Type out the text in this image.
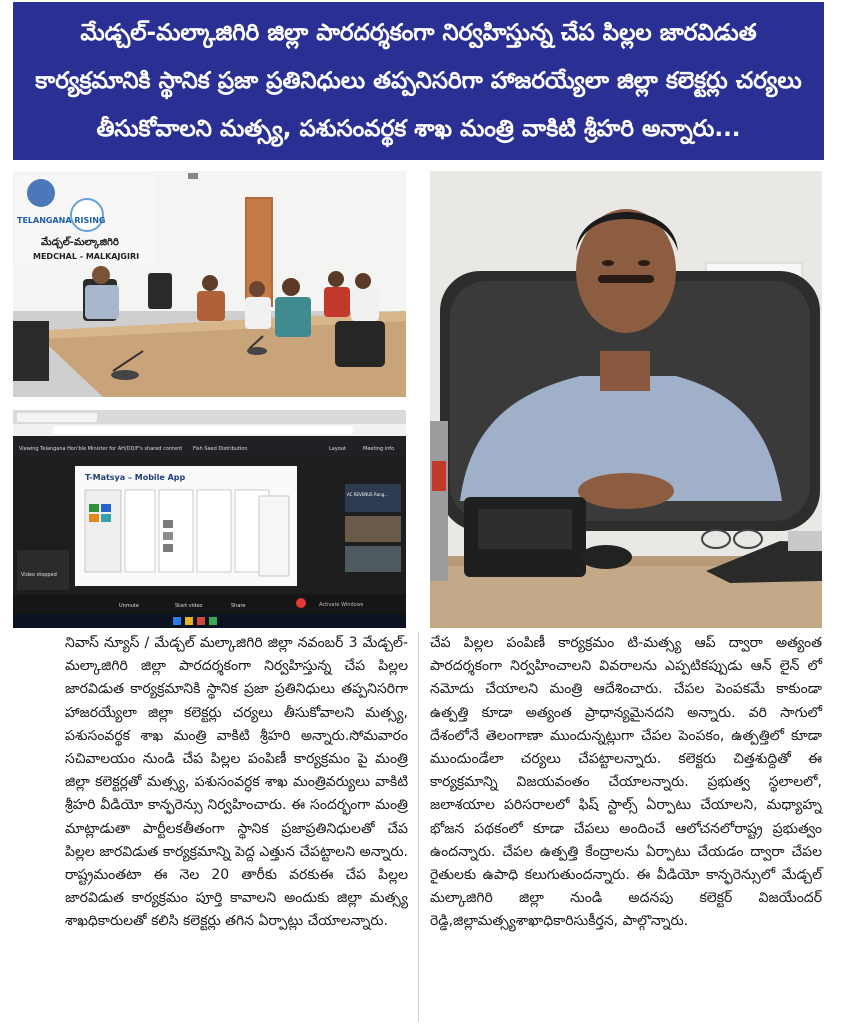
మేడ్చల్-మల్కాజిగిరి జిల్లా పారదర్శకంగా నిర్వహిస్తున్న చేప పిల్లల జారవిడుత
కార్యక్రమానికి స్థానిక ప్రజా ప్రతినిధులు తప్పనిసరిగా హాజరయ్యేలా జిల్లా కలెక్టర్లు చర్యలు
తీసుకోవాలని మత్స్య, పశుసంవర్థక శాఖ మంత్రి వాకిటి శ్రీహరి అన్నారు...
TELANGANA RISING
మేడ్చల్-మల్కాజిగిరి
MEDCHAL - MALKAJGIRI
Viewing Telangana Hon'ble Minister for AH/DD/F's shared content Fish Seed Distribution	Layout	Meeting info
T-Matsya – Mobile App
AC REVENUE Rang...
Video stopped
Unmute	Start video	Share	Activate Windows

నివాస్ న్యూస్ / మేడ్చల్ మల్కాజిగిరి జిల్లా నవంబర్ 3 మేడ్చల్-మల్కాజిగిరి జిల్లా పారదర్శకంగా నిర్వహిస్తున్న చేప పిల్లల జారవిడుత కార్యక్రమానికి స్థానిక ప్రజా ప్రతినిధులు తప్పనిసరిగా హాజరయ్యేలా జిల్లా కలెక్టర్లు చర్యలు తీసుకోవాలని మత్స్య, పశుసంవర్థక శాఖ మంత్రి వాకిటి శ్రీహరి అన్నారు.సోమవారం సచివాలయం నుండి చేప పిల్లల పంపిణీ కార్యక్రమం పై మంత్రి జిల్లా కలెక్టర్లతో మత్స్య, పశుసంవర్ధక శాఖ మంత్రివర్యులు వాకిటి శ్రీహరి వీడియో కాన్ఫరెన్సు నిర్వహించారు. ఈ సందర్భంగా మంత్రి మాట్లాడుతా పార్టీలకతీతంగా స్థానిక ప్రజాప్రతినిధులతో చేప పిల్లల జారవిడుత కార్యక్రమాన్ని పెద్ద ఎత్తున చేపట్టాలని అన్నారు. రాష్ట్రమంతటా ఈ నెల 20 తారీకు వరకుఈ చేప పిల్లల జారవిడుత కార్యక్రమం పూర్తి కావాలని అందుకు జిల్లా మత్స్య శాఖధికారులతో కలిసి కలెక్టర్లు తగిన ఏర్పాట్లు చేయాలన్నారు.

చేప పిల్లల పంపిణీ కార్యక్రమం టి-మత్స్య ఆప్ ద్వారా అత్యంత పారదర్శకంగా నిర్వహించాలని వివరాలను ఎప్పటికప్పుడు ఆన్ లైన్ లో నమోదు చేయాలని మంత్రి ఆదేశించారు. చేపల పెంపకమే కాకుండా ఉత్పత్తి కూడా అత్యంత ప్రాధాన్యమైనదని అన్నారు. వరి సాగులో దేశంలోనే తెలంగాణా ముందున్నట్లుగా చేపల పెంపకం, ఉత్పత్తిలో కూడా ముందుండేలా చర్యలు చేపట్టాలన్నారు. కలెక్టరు చిత్తశుద్దితో ఈ కార్యక్రమాన్ని విజయవంతం చేయాలన్నారు. ప్రభుత్వ స్థలాలలో, జలాశయాల పరిసరాలలో ఫిష్ స్టాల్స్ ఏర్పాటు చేయాలని, మధ్యాహ్న భోజన పథకంలో కూడా చేపలు అందించే ఆలోచనలోరాష్ట్ర ప్రభుత్వం ఉందన్నారు. చేపల ఉత్పత్తి కేంద్రాలను ఏర్పాటు చేయడం ద్వారా చేపల రైతులకు ఉపాధి కలుగుతుందన్నారు. ఈ వీడియో కాన్ఫరెన్సులో మేడ్చల్ మల్కాజిగిరి జిల్లా నుండి అదనపు కలెక్టర్ విజయేందర్ రెడ్డి,జిల్లామత్స్యశాఖాధికారిసుకీర్తన, పాల్గొన్నారు.
